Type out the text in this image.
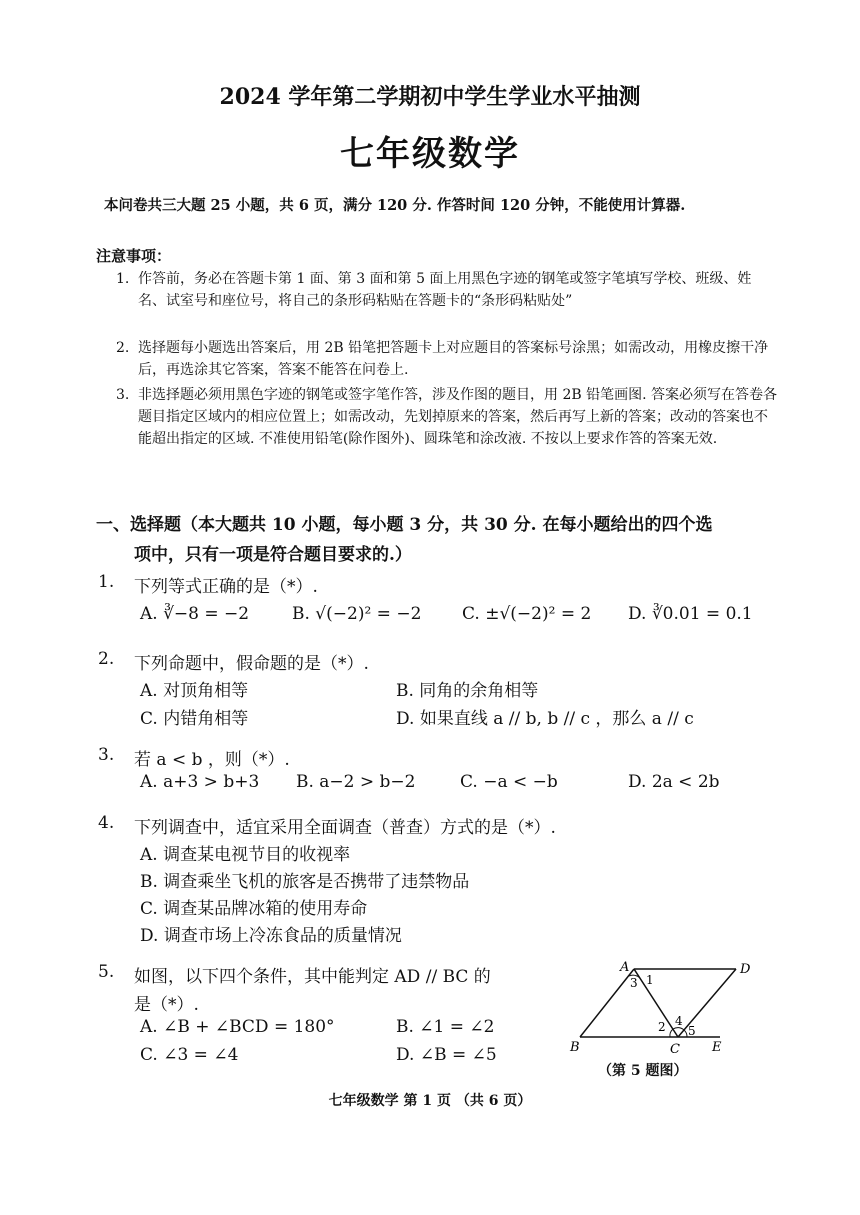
2024 学年第二学期初中学生学业水平抽测
七年级数学
本问卷共三大题 25 小题，共 6 页，满分 120 分. 作答时间 120 分钟，不能使用计算器.
注意事项：
1. 作答前，务必在答题卡第 1 面、第 3 面和第 5 面上用黑色字迹的钢笔或签字笔填写学校、班级、姓名、试室号和座位号，将自己的条形码粘贴在答题卡的“条形码粘贴处”
2. 选择题每小题选出答案后，用 2B 铅笔把答题卡上对应题目的答案标号涂黑；如需改动，用橡皮擦干净后，再选涂其它答案，答案不能答在问卷上.
3. 非选择题必须用黑色字迹的钢笔或签字笔作答，涉及作图的题目，用 2B 铅笔画图. 答案必须写在答卷各题目指定区域内的相应位置上；如需改动，先划掉原来的答案，然后再写上新的答案；改动的答案也不能超出指定的区域. 不准使用铅笔(除作图外)、圆珠笔和涂改液. 不按以上要求作答的答案无效.
一、选择题（本大题共 10 小题，每小题 3 分，共 30 分. 在每小题给出的四个选
项中，只有一项是符合题目要求的.）
1. 下列等式正确的是（*）.
A. ∛−8 = −2	B. √(−2)² = −2 C. ±√(−2)² = 2 D. ∛0.01 = 0.1
2. 下列命题中，假命题的是（*）.
A. 对顶角相等	B. 同角的余角相等
C. 内错角相等	D. 如果直线 a // b, b // c ，那么 a // c
3. 若 a < b ，则（*）.
A. a+3 > b+3 B. a−2 > b−2	C. −a < −b	D. 2a < 2b
4. 下列调查中，适宜采用全面调查（普查）方式的是（*）.
A. 调查某电视节目的收视率
B. 调查乘坐飞机的旅客是否携带了违禁物品
C. 调查某品牌冰箱的使用寿命
D. 调查市场上冷冻食品的质量情况
5. 如图，以下四个条件，其中能判定 AD // BC 的
是（*）.
A. ∠B + ∠BCD = 180°	B. ∠1 = ∠2
C. ∠3 = ∠4	D. ∠B = ∠5
A	D
B	C E
1
2
3
4
5
（第 5 题图）
七年级数学 第 1 页 （共 6 页）
